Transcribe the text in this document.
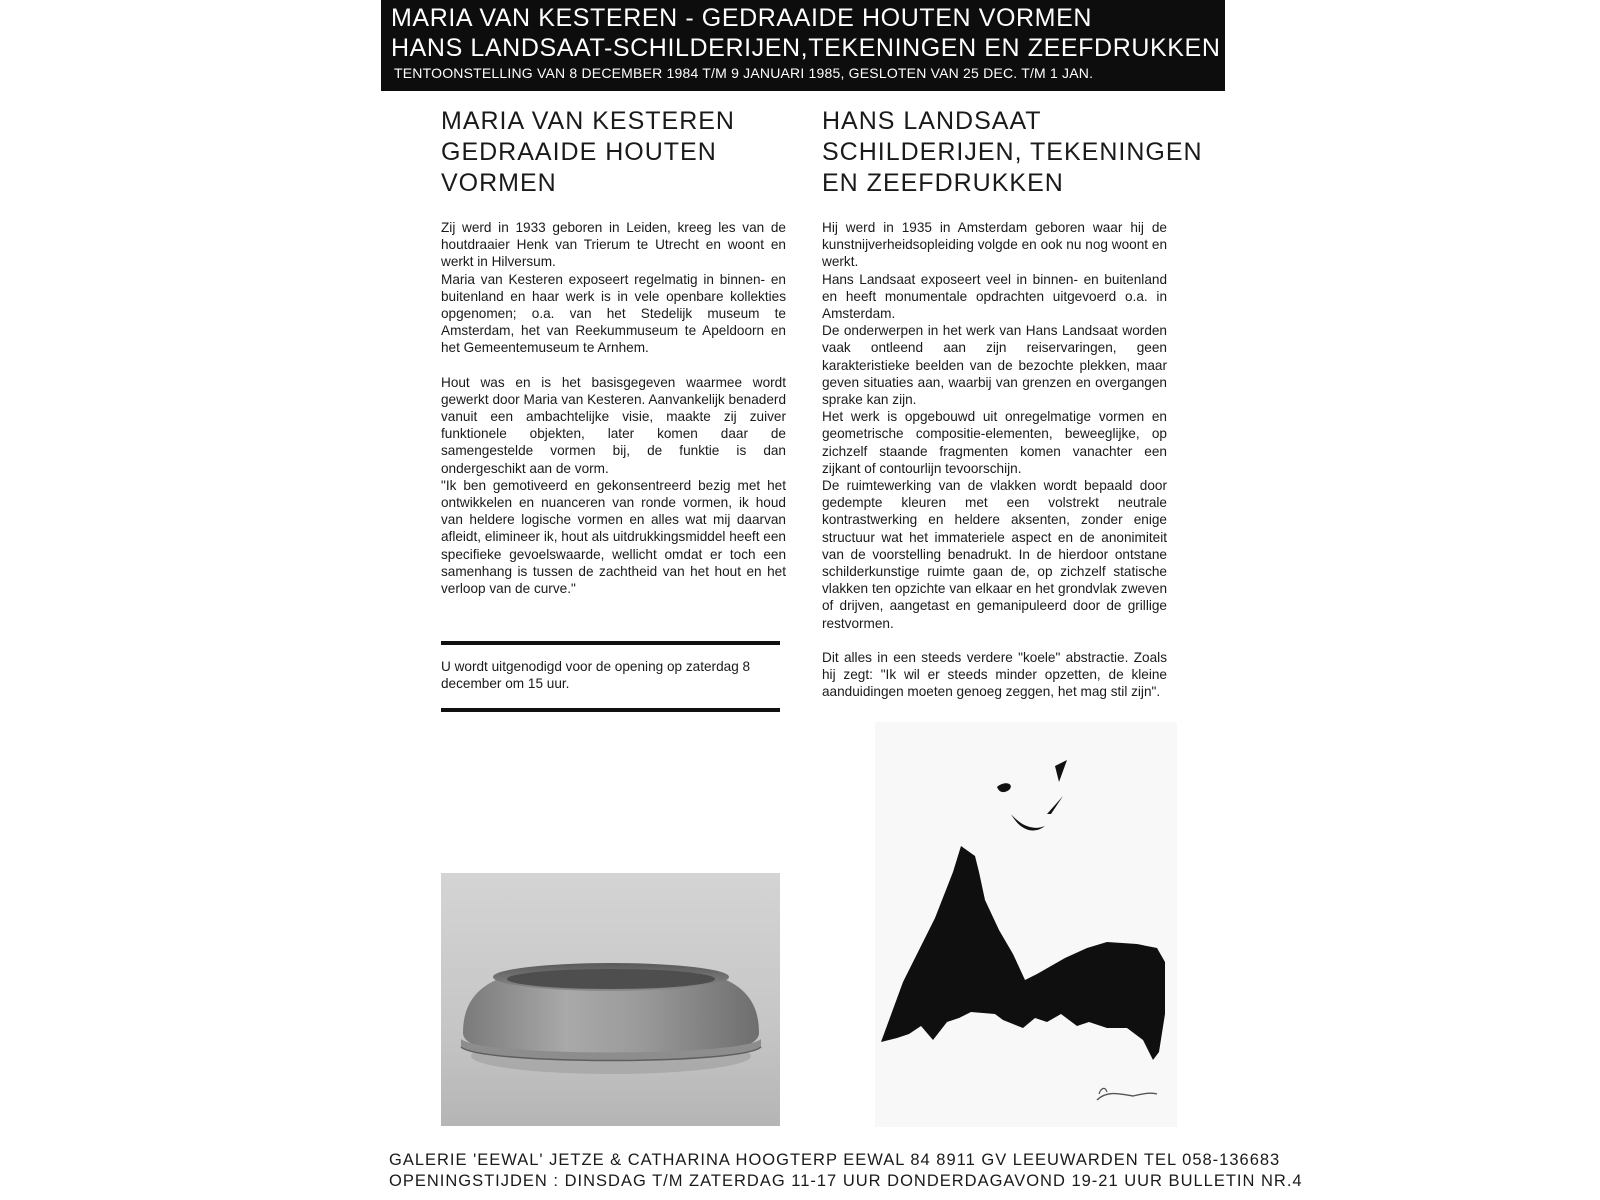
MARIA VAN KESTEREN - GEDRAAIDE HOUTEN VORMEN
HANS LANDSAAT-SCHILDERIJEN,TEKENINGEN EN ZEEFDRUKKEN
TENTOONSTELLING VAN 8 DECEMBER 1984 T/M 9 JANUARI 1985, GESLOTEN VAN 25 DEC. T/M 1 JAN.
MARIA VAN KESTEREN
GEDRAAIDE HOUTEN
VORMEN

Zij werd in 1933 geboren in Leiden, kreeg les van de houtdraaier Henk van Trierum te Utrecht en woont en werkt in Hilversum.

Maria van Kesteren exposeert regelmatig in binnen- en buitenland en haar werk is in vele openbare kollekties opgenomen; o.a. van het Stedelijk museum te Amsterdam, het van Reekummuseum te Apeldoorn en het Gemeentemuseum te Arnhem.

Hout was en is het basisgegeven waarmee wordt gewerkt door Maria van Kesteren. Aanvankelijk benaderd vanuit een ambachtelijke visie, maakte zij zuiver funktionele objekten, later komen daar de samengestelde vormen bij, de funktie is dan ondergeschikt aan de vorm.

"Ik ben gemotiveerd en gekonsentreerd bezig met het ontwikkelen en nuanceren van ronde vormen, ik houd van heldere logische vormen en alles wat mij daarvan afleidt, elimineer ik, hout als uitdrukkingsmiddel heeft een specifieke gevoelswaarde, wellicht omdat er toch een samenhang is tussen de zachtheid van het hout en het verloop van de curve."

U wordt uitgenodigd voor de opening op zaterdag 8 december om 15 uur.
HANS LANDSAAT
SCHILDERIJEN, TEKENINGEN
EN ZEEFDRUKKEN

Hij werd in 1935 in Amsterdam geboren waar hij de kunstnijverheidsopleiding volgde en ook nu nog woont en werkt.

Hans Landsaat exposeert veel in binnen- en buitenland en heeft monumentale opdrachten uitgevoerd o.a. in Amsterdam.

De onderwerpen in het werk van Hans Landsaat worden vaak ontleend aan zijn reiservaringen, geen karakteristieke beelden van de bezochte plekken, maar geven situaties aan, waarbij van grenzen en overgangen sprake kan zijn.

Het werk is opgebouwd uit onregelmatige vormen en geometrische compositie-elementen, beweeglijke, op zichzelf staande fragmenten komen vanachter een zijkant of contourlijn tevoorschijn.

De ruimtewerking van de vlakken wordt bepaald door gedempte kleuren met een volstrekt neutrale kontrastwerking en heldere aksenten, zonder enige structuur wat het immateriele aspect en de anonimiteit van de voorstelling benadrukt. In de hierdoor ontstane schilderkunstige ruimte gaan de, op zichzelf statische vlakken ten opzichte van elkaar en het grondvlak zweven of drijven, aangetast en gemanipuleerd door de grillige restvormen.

Dit alles in een steeds verdere "koele" abstractie. Zoals hij zegt: "Ik wil er steeds minder opzetten, de kleine aanduidingen moeten genoeg zeggen, het mag stil zijn".

GALERIE 'EEWAL' JETZE & CATHARINA HOOGTERP EEWAL 84 8911 GV LEEUWARDEN TEL 058-136683
OPENINGSTIJDEN : DINSDAG T/M ZATERDAG 11-17 UUR DONDERDAGAVOND 19-21 UUR BULLETIN NR.4
